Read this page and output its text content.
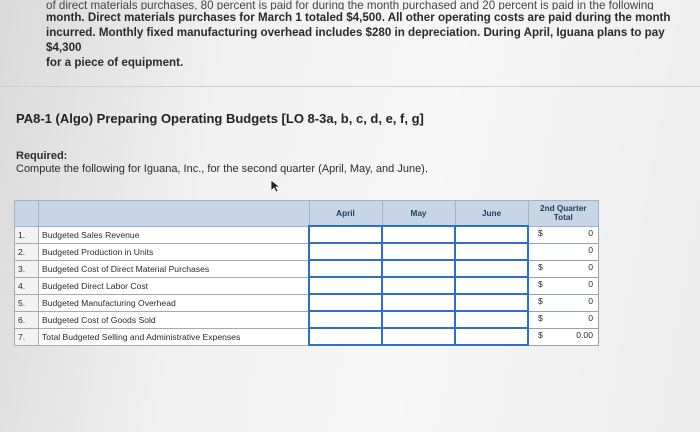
of direct materials purchases, 80 percent is paid for during the month purchased and 20 percent is paid in the following
month. Direct materials purchases for March 1 totaled $4,500. All other operating costs are paid during the month
incurred. Monthly fixed manufacturing overhead includes $280 in depreciation. During April, Iguana plans to pay $4,300
for a piece of equipment.
PA8-1 (Algo) Preparing Operating Budgets [LO 8-3a, b, c, d, e, f, g]
Required:
Compute the following for Iguana, Inc., for the second quarter (April, May, and June).
		April	May	June	2nd Quarter
Total
1.	Budgeted Sales Revenue				$ 0

2.	Budgeted Production in Units				0

3.	Budgeted Cost of Direct Material Purchases				$ 0

4.	Budgeted Direct Labor Cost				$ 0

5.	Budgeted Manufacturing Overhead				$ 0

6.	Budgeted Cost of Goods Sold				$ 0

7.	Total Budgeted Selling and Administrative Expenses				$ 0.00
